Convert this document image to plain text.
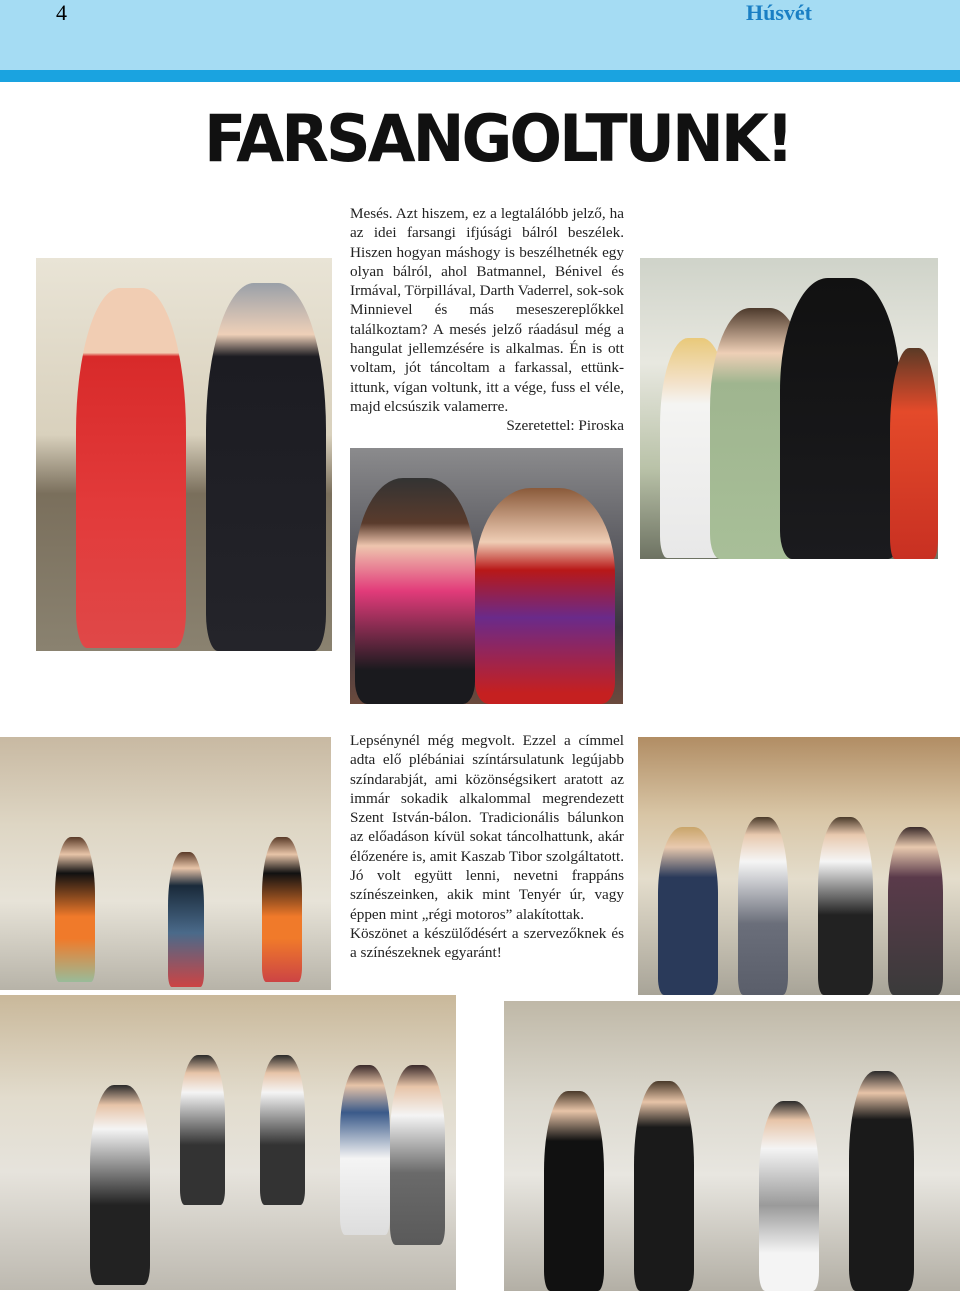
4	Húsvét
FARSANGOLTUNK!

Mesés. Azt hiszem, ez a legtalálóbb jelző, ha az idei farsangi ifjúsági bálról beszélek. Hiszen hogyan máshogy is beszélhetnék egy olyan bálról, ahol Batmannel, Bénivel és Irmával, Törpillával, Darth Vaderrel, sok-sok Minnievel és más meseszereplőkkel találkoztam? A mesés jelző ráadásul még a hangulat jellemzésére is alkalmas. Én is ott voltam, jót táncoltam a farkassal, ettünk-ittunk, vígan voltunk, itt a vége, fuss el véle, majd elcsúszik valamerre.

Szeretettel: Piroska

Lepsénynél még megvolt. Ezzel a címmel adta elő plébániai színtársulatunk legújabb színdarabját, ami közönségsikert aratott az immár sokadik alkalommal megrendezett Szent István-bálon. Tradicionális bálunkon az előadáson kívül sokat táncolhattunk, akár élőzenére is, amit Kaszab Tibor szolgáltatott. Jó volt együtt lenni, nevetni frappáns színészeinken, akik mint Tenyér úr, vagy éppen mint „régi motoros” alakítottak.

Köszönet a készülődésért a szervezőknek és a színészeknek egyaránt!
